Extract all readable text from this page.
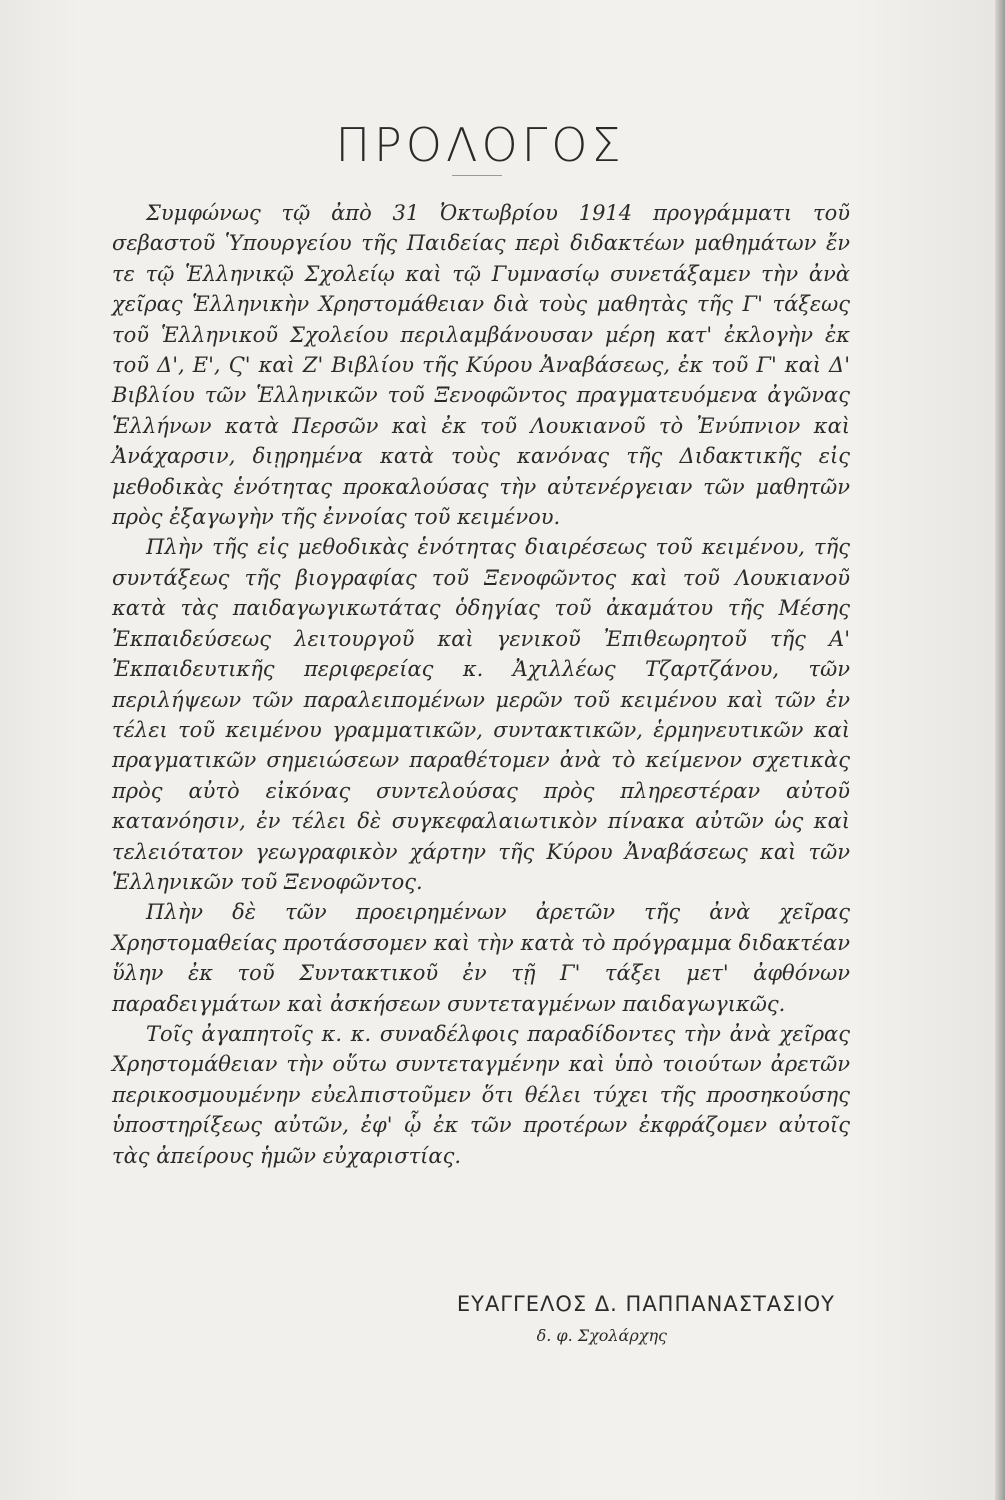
ΠΡΟΛΟΓΟΣ

Συμφώνως τῷ ἀπὸ 31 Ὀκτωβρίου 1914 προγράμματι τοῦ σεβαστοῦ Ὑπουργείου τῆς Παιδείας περὶ διδακτέων μαθημάτων ἔν τε τῷ Ἑλληνικῷ Σχολείῳ καὶ τῷ Γυμνασίῳ συνετάξαμεν τὴν ἀνὰ χεῖρας Ἑλληνικὴν Χρηστομάθειαν διὰ τοὺς μαθητὰς τῆς Γ' τάξεως τοῦ Ἑλληνικοῦ Σχολείου περιλαμβάνουσαν μέρη κατ' ἐκλογὴν ἐκ τοῦ Δ', Ε', Ϛ' καὶ Ζ' Βιβλίου τῆς Κύρου Ἀναβάσεως, ἐκ τοῦ Γ' καὶ Δ' Βιβλίου τῶν Ἑλληνικῶν τοῦ Ξενοφῶντος πραγματευόμενα ἀγῶνας Ἑλλήνων κατὰ Περσῶν καὶ ἐκ τοῦ Λουκιανοῦ τὸ Ἐνύπνιον καὶ Ἀνάχαρσιν, διῃρημένα κατὰ τοὺς κανόνας τῆς Διδακτικῆς εἰς μεθοδικὰς ἑνότητας προκαλούσας τὴν αὐτενέργειαν τῶν μαθητῶν πρὸς ἐξαγωγὴν τῆς ἐννοίας τοῦ κειμένου.

Πλὴν τῆς εἰς μεθοδικὰς ἑνότητας διαιρέσεως τοῦ κειμένου, τῆς συντάξεως τῆς βιογραφίας τοῦ Ξενοφῶντος καὶ τοῦ Λουκιανοῦ κατὰ τὰς παιδαγωγικωτάτας ὁδηγίας τοῦ ἀκαμάτου τῆς Μέσης Ἐκπαιδεύσεως λειτουργοῦ καὶ γενικοῦ Ἐπιθεωρητοῦ τῆς Α' Ἐκπαιδευτικῆς περιφερείας κ. Ἀχιλλέως Τζαρτζάνου, τῶν περιλήψεων τῶν παραλειπομένων μερῶν τοῦ κειμένου καὶ τῶν ἐν τέλει τοῦ κειμένου γραμματικῶν, συντακτικῶν, ἑρμηνευτικῶν καὶ πραγματικῶν σημειώσεων παραθέτομεν ἀνὰ τὸ κείμενον σχετικὰς πρὸς αὐτὸ εἰκόνας συντελούσας πρὸς πληρεστέραν αὐτοῦ κατανόησιν, ἐν τέλει δὲ συγκεφαλαιωτικὸν πίνακα αὐτῶν ὡς καὶ τελειότατον γεωγραφικὸν χάρτην τῆς Κύρου Ἀναβάσεως καὶ τῶν Ἑλληνικῶν τοῦ Ξενοφῶντος.

Πλὴν δὲ τῶν προειρημένων ἀρετῶν τῆς ἀνὰ χεῖρας Χρηστομαθείας προτάσσομεν καὶ τὴν κατὰ τὸ πρόγραμμα διδακτέαν ὕλην ἐκ τοῦ Συντακτικοῦ ἐν τῇ Γ' τάξει μετ' ἀφθόνων παραδειγμάτων καὶ ἀσκήσεων συντεταγμένων παιδαγωγικῶς.

Τοῖς ἀγαπητοῖς κ. κ. συναδέλφοις παραδίδοντες τὴν ἀνὰ χεῖρας Χρηστομάθειαν τὴν οὕτω συντεταγμένην καὶ ὑπὸ τοιούτων ἀρετῶν περικοσμουμένην εὐελπιστοῦμεν ὅτι θέλει τύχει τῆς προσηκούσης ὑποστηρίξεως αὐτῶν, ἐφ' ᾧ ἐκ τῶν προτέρων ἐκφράζομεν αὐτοῖς τὰς ἀπείρους ἡμῶν εὐχαριστίας.

ΕΥΑΓΓΕΛΟΣ Δ. ΠΑΠΠΑΝΑΣΤΑΣΙΟΥ
δ. φ. Σχολάρχης
